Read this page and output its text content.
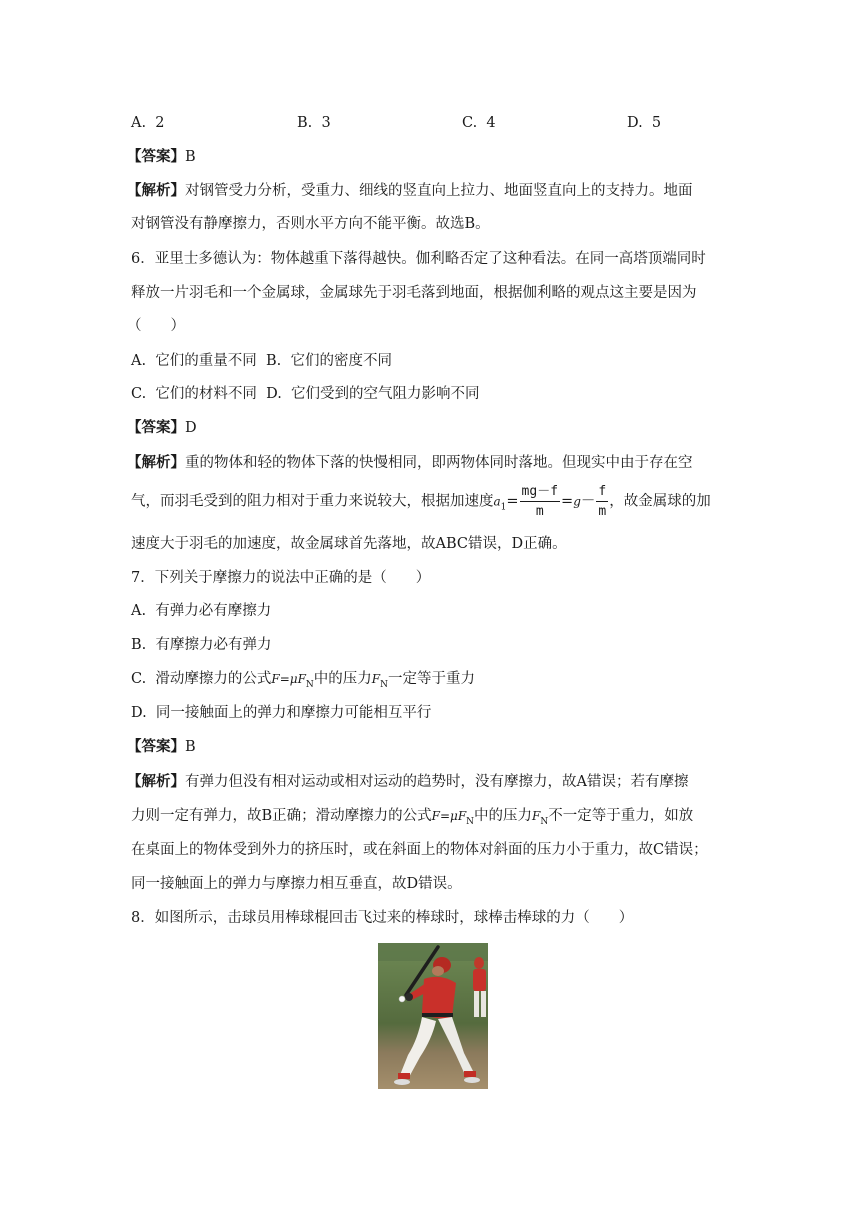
A.  2	B.  3	C.  4	D.  5
【答案】B
【解析】对钢管受力分析，受重力、细线的竖直向上拉力、地面竖直向上的支持力。地面
对钢管没有静摩擦力，否则水平方向不能平衡。故选B。
6．亚里士多德认为：物体越重下落得越快。伽利略否定了这种看法。在同一高塔顶端同时
释放一片羽毛和一个金属球，金属球先于羽毛落到地面，根据伽利略的观点这主要是因为
（　　）
A.  它们的重量不同  B.  它们的密度不同
C.  它们的材料不同  D.  它们受到的空气阻力影响不同
【答案】D
【解析】重的物体和轻的物体下落的快慢相同，即两物体同时落地。但现实中由于存在空
气，而羽毛受到的阻力相对于重力来说较大，根据加速度$a_1= \frac{mg-f}{m} =g- \frac{f}{m}$ ，故金属球的加
速度大于羽毛的加速度，故金属球首先落地，故ABC错误，D正确。
7．下列关于摩擦力的说法中正确的是（　　）
A.  有弹力必有摩擦力
B.  有摩擦力必有弹力
C.  滑动摩擦力的公式$F=\mu F_N$中的压力$F_N$一定等于重力
D.  同一接触面上的弹力和摩擦力可能相互平行
【答案】B
【解析】有弹力但没有相对运动或相对运动的趋势时，没有摩擦力，故A错误；若有摩擦
力则一定有弹力，故B正确；滑动摩擦力的公式$F=\mu F_N$中的压力$F_N$不一定等于重力，如放
在桌面上的物体受到外力的挤压时，或在斜面上的物体对斜面的压力小于重力，故C错误；
同一接触面上的弹力与摩擦力相互垂直，故D错误。
8．如图所示，击球员用棒球棍回击飞过来的棒球时，球棒击棒球的力（　　）
